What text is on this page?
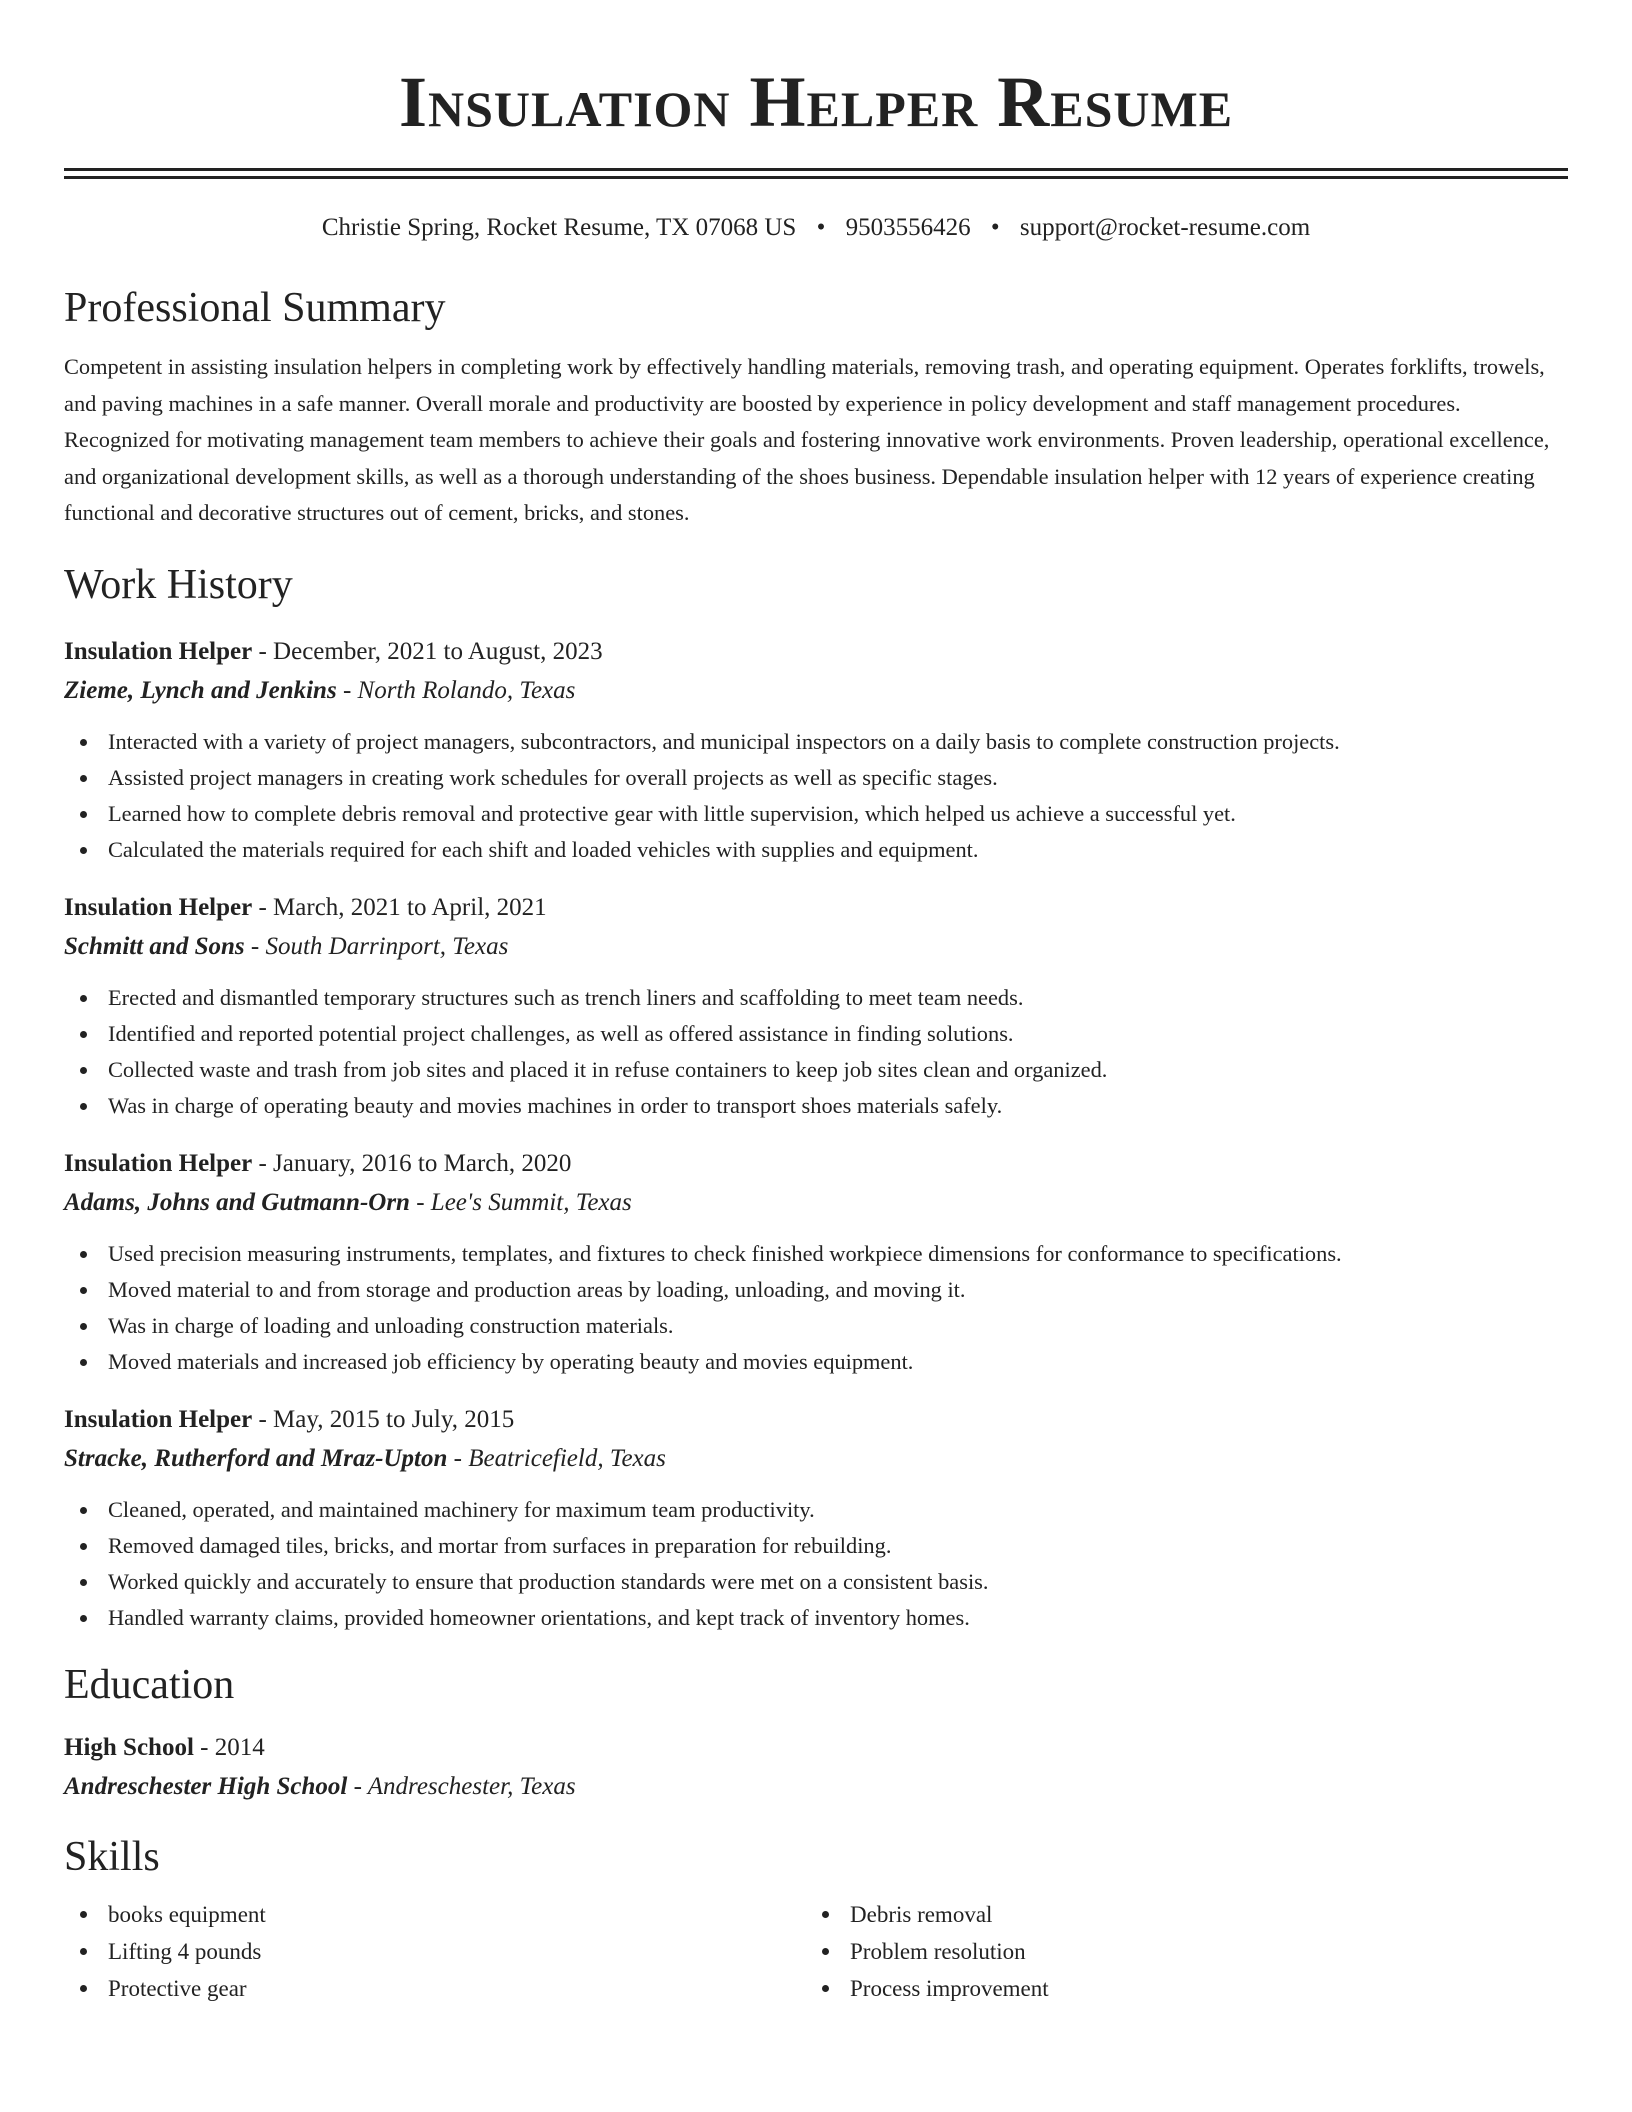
Insulation Helper Resume
Christie Spring, Rocket Resume, TX 07068 US • 9503556426 • support@rocket-resume.com
Professional Summary
Competent in assisting insulation helpers in completing work by effectively handling materials, removing trash, and operating equipment. Operates forklifts, trowels, and paving machines in a safe manner. Overall morale and productivity are boosted by experience in policy development and staff management procedures. Recognized for motivating management team members to achieve their goals and fostering innovative work environments. Proven leadership, operational excellence, and organizational development skills, as well as a thorough understanding of the shoes business. Dependable insulation helper with 12 years of experience creating functional and decorative structures out of cement, bricks, and stones.
Work History
Insulation Helper - December, 2021 to August, 2023
Zieme, Lynch and Jenkins - North Rolando, Texas
Interacted with a variety of project managers, subcontractors, and municipal inspectors on a daily basis to complete construction projects.
Assisted project managers in creating work schedules for overall projects as well as specific stages.
Learned how to complete debris removal and protective gear with little supervision, which helped us achieve a successful yet.
Calculated the materials required for each shift and loaded vehicles with supplies and equipment.
Insulation Helper - March, 2021 to April, 2021
Schmitt and Sons - South Darrinport, Texas
Erected and dismantled temporary structures such as trench liners and scaffolding to meet team needs.
Identified and reported potential project challenges, as well as offered assistance in finding solutions.
Collected waste and trash from job sites and placed it in refuse containers to keep job sites clean and organized.
Was in charge of operating beauty and movies machines in order to transport shoes materials safely.
Insulation Helper - January, 2016 to March, 2020
Adams, Johns and Gutmann-Orn - Lee's Summit, Texas
Used precision measuring instruments, templates, and fixtures to check finished workpiece dimensions for conformance to specifications.
Moved material to and from storage and production areas by loading, unloading, and moving it.
Was in charge of loading and unloading construction materials.
Moved materials and increased job efficiency by operating beauty and movies equipment.
Insulation Helper - May, 2015 to July, 2015
Stracke, Rutherford and Mraz-Upton - Beatricefield, Texas
Cleaned, operated, and maintained machinery for maximum team productivity.
Removed damaged tiles, bricks, and mortar from surfaces in preparation for rebuilding.
Worked quickly and accurately to ensure that production standards were met on a consistent basis.
Handled warranty claims, provided homeowner orientations, and kept track of inventory homes.
Education
High School - 2014
Andreschester High School - Andreschester, Texas
Skills
books equipment
Lifting 4 pounds
Protective gear
Debris removal
Problem resolution
Process improvement
